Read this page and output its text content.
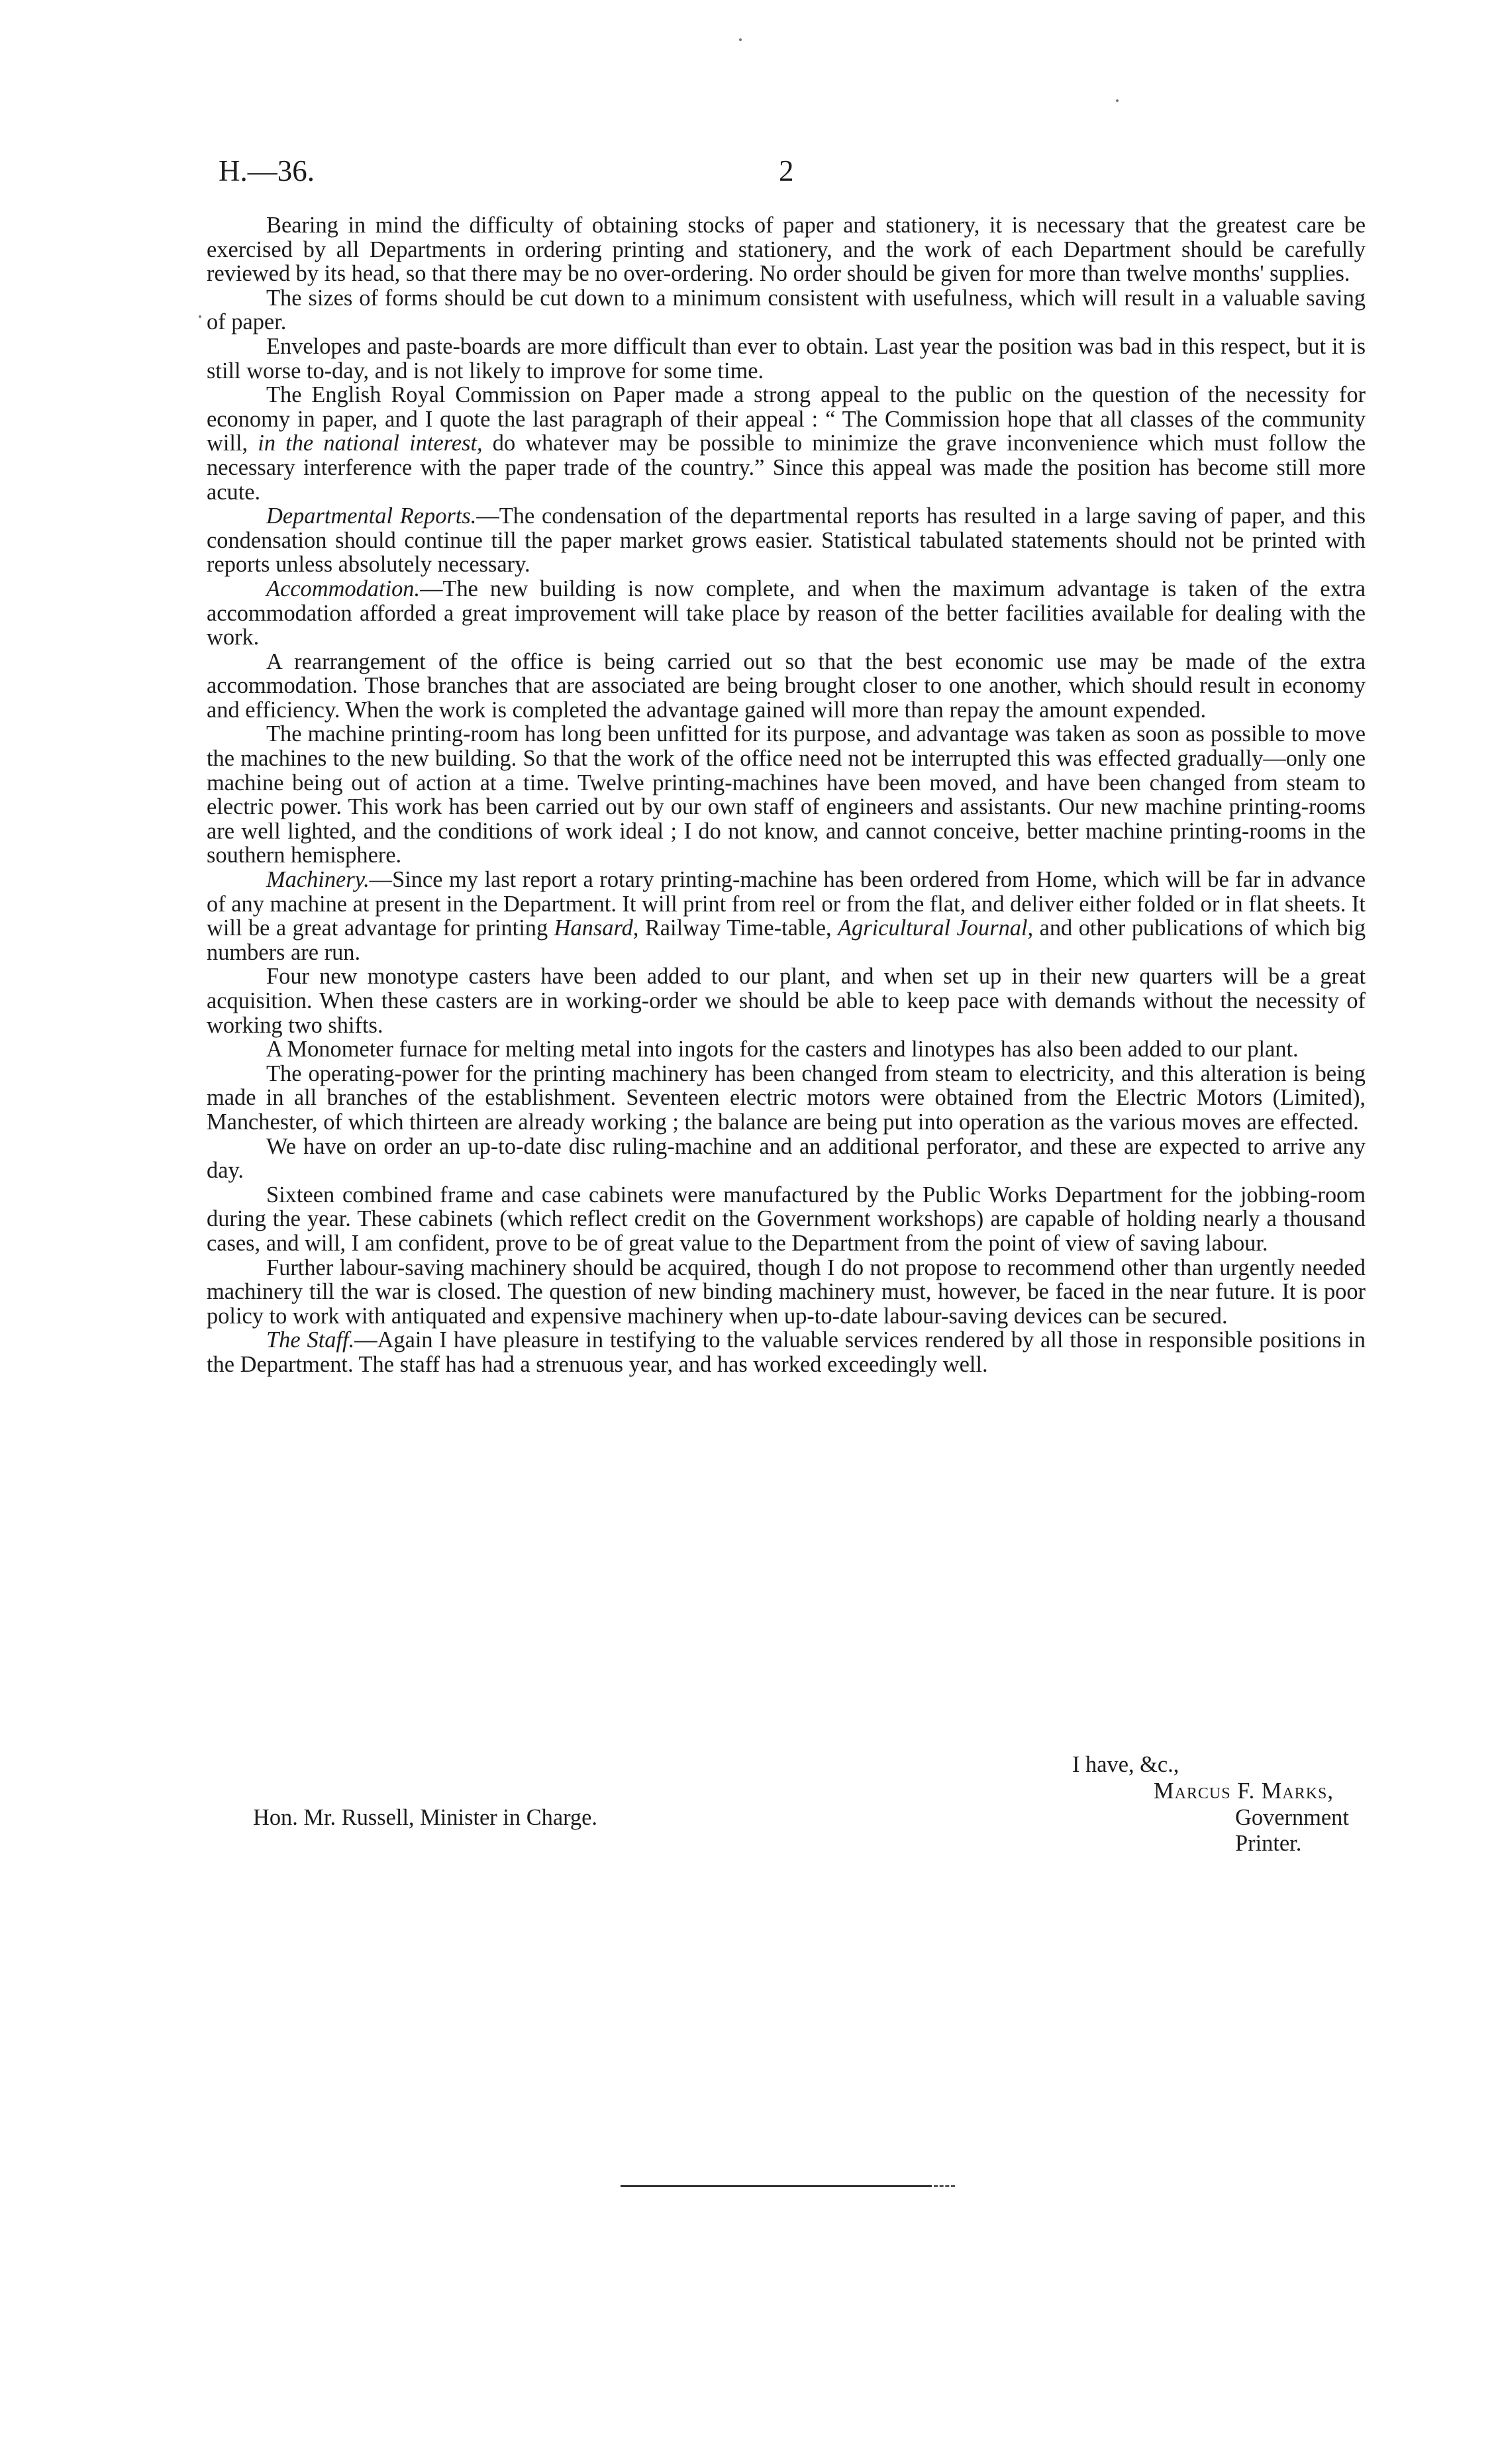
H.—36.	2

Bearing in mind the difficulty of obtaining stocks of paper and stationery, it is necessary that the greatest care be exercised by all Departments in ordering printing and stationery, and the work of each Department should be carefully reviewed by its head, so that there may be no over-ordering. No order should be given for more than twelve months' supplies.

The sizes of forms should be cut down to a minimum consistent with usefulness, which will result in a valuable saving of paper.

Envelopes and paste-boards are more difficult than ever to obtain. Last year the position was bad in this respect, but it is still worse to-day, and is not likely to improve for some time.

The English Royal Commission on Paper made a strong appeal to the public on the question of the necessity for economy in paper, and I quote the last paragraph of their appeal : “ The Commission hope that all classes of the community will, in the national interest, do whatever may be possible to minimize the grave inconvenience which must follow the necessary interference with the paper trade of the country.” Since this appeal was made the position has become still more acute.

Departmental Reports.—The condensation of the departmental reports has resulted in a large saving of paper, and this condensation should continue till the paper market grows easier. Statistical tabulated statements should not be printed with reports unless absolutely necessary.

Accommodation.—The new building is now complete, and when the maximum advantage is taken of the extra accommodation afforded a great improvement will take place by reason of the better facilities available for dealing with the work.

A rearrangement of the office is being carried out so that the best economic use may be made of the extra accommodation. Those branches that are associated are being brought closer to one another, which should result in economy and efficiency. When the work is completed the advantage gained will more than repay the amount expended.

The machine printing-room has long been unfitted for its purpose, and advantage was taken as soon as possible to move the machines to the new building. So that the work of the office need not be interrupted this was effected gradually—only one machine being out of action at a time. Twelve printing-machines have been moved, and have been changed from steam to electric power. This work has been carried out by our own staff of engineers and assistants. Our new machine printing-rooms are well lighted, and the conditions of work ideal ; I do not know, and cannot conceive, better machine printing-rooms in the southern hemisphere.

Machinery.—Since my last report a rotary printing-machine has been ordered from Home, which will be far in advance of any machine at present in the Department. It will print from reel or from the flat, and deliver either folded or in flat sheets. It will be a great advantage for printing Hansard, Railway Time-table, Agricultural Journal, and other publications of which big numbers are run.

Four new monotype casters have been added to our plant, and when set up in their new quarters will be a great acquisition. When these casters are in working-order we should be able to keep pace with demands without the necessity of working two shifts.

A Monometer furnace for melting metal into ingots for the casters and linotypes has also been added to our plant.

The operating-power for the printing machinery has been changed from steam to electricity, and this alteration is being made in all branches of the establishment. Seventeen electric motors were obtained from the Electric Motors (Limited), Manchester, of which thirteen are already working ; the balance are being put into operation as the various moves are effected.

We have on order an up-to-date disc ruling-machine and an additional perforator, and these are expected to arrive any day.

Sixteen combined frame and case cabinets were manufactured by the Public Works Department for the jobbing-room during the year. These cabinets (which reflect credit on the Government workshops) are capable of holding nearly a thousand cases, and will, I am confident, prove to be of great value to the Department from the point of view of saving labour.

Further labour-saving machinery should be acquired, though I do not propose to recommend other than urgently needed machinery till the war is closed. The question of new binding machinery must, however, be faced in the near future. It is poor policy to work with antiquated and expensive machinery when up-to-date labour-saving devices can be secured.

The Staff.—Again I have pleasure in testifying to the valuable services rendered by all those in responsible positions in the Department. The staff has had a strenuous year, and has worked exceedingly well.

I have, &c.,
Marcus F. Marks,
Hon. Mr. Russell, Minister in Charge.	Government Printer.
